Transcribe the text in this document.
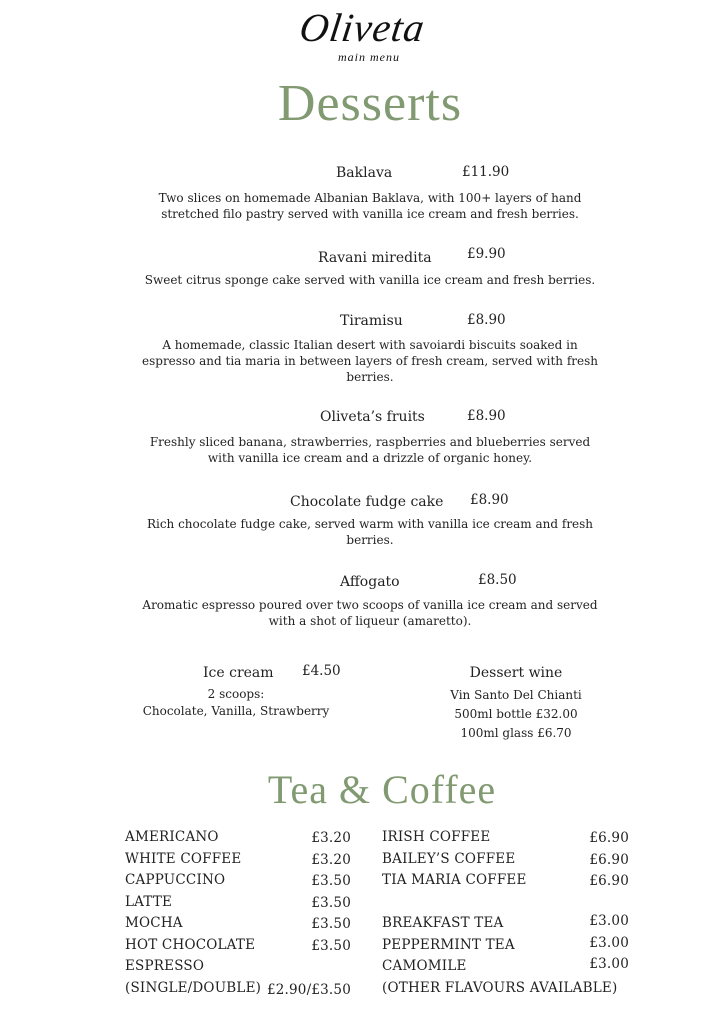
Oliveta
main menu
Desserts
Baklava	£11.90
Two slices on homemade Albanian Baklava, with 100+ layers of hand
stretched filo pastry served with vanilla ice cream and fresh berries.
Ravani miredita	£9.90
Sweet citrus sponge cake served with vanilla ice cream and fresh berries.
Tiramisu	£8.90
A homemade, classic Italian desert with savoiardi biscuits soaked in
espresso and tia maria in between layers of fresh cream, served with fresh
berries.
Oliveta’s fruits	£8.90
Freshly sliced banana, strawberries, raspberries and blueberries served
with vanilla ice cream and a drizzle of organic honey.
Chocolate fudge cake £8.90
Rich chocolate fudge cake, served warm with vanilla ice cream and fresh
berries.
Affogato	£8.50
Aromatic espresso poured over two scoops of vanilla ice cream and served
with a shot of liqueur (amaretto).
Ice cream £4.50
2 scoops:
Chocolate, Vanilla, Strawberry
Dessert wine
Vin Santo Del Chianti
500ml bottle £32.00
100ml glass £6.70
Tea & Coffee
AMERICANO	£3.20
WHITE COFFEE	£3.20
CAPPUCCINO	£3.50
LATTE	£3.50
MOCHA	£3.50
HOT CHOCOLATE	£3.50
ESPRESSO
(SINGLE/DOUBLE) £2.90/£3.50
IRISH COFFEE	£6.90
BAILEY’S COFFEE	£6.90
TIA MARIA COFFEE	£6.90
BREAKFAST TEA	£3.00
PEPPERMINT TEA	£3.00
CAMOMILE	£3.00
(OTHER FLAVOURS AVAILABLE)
